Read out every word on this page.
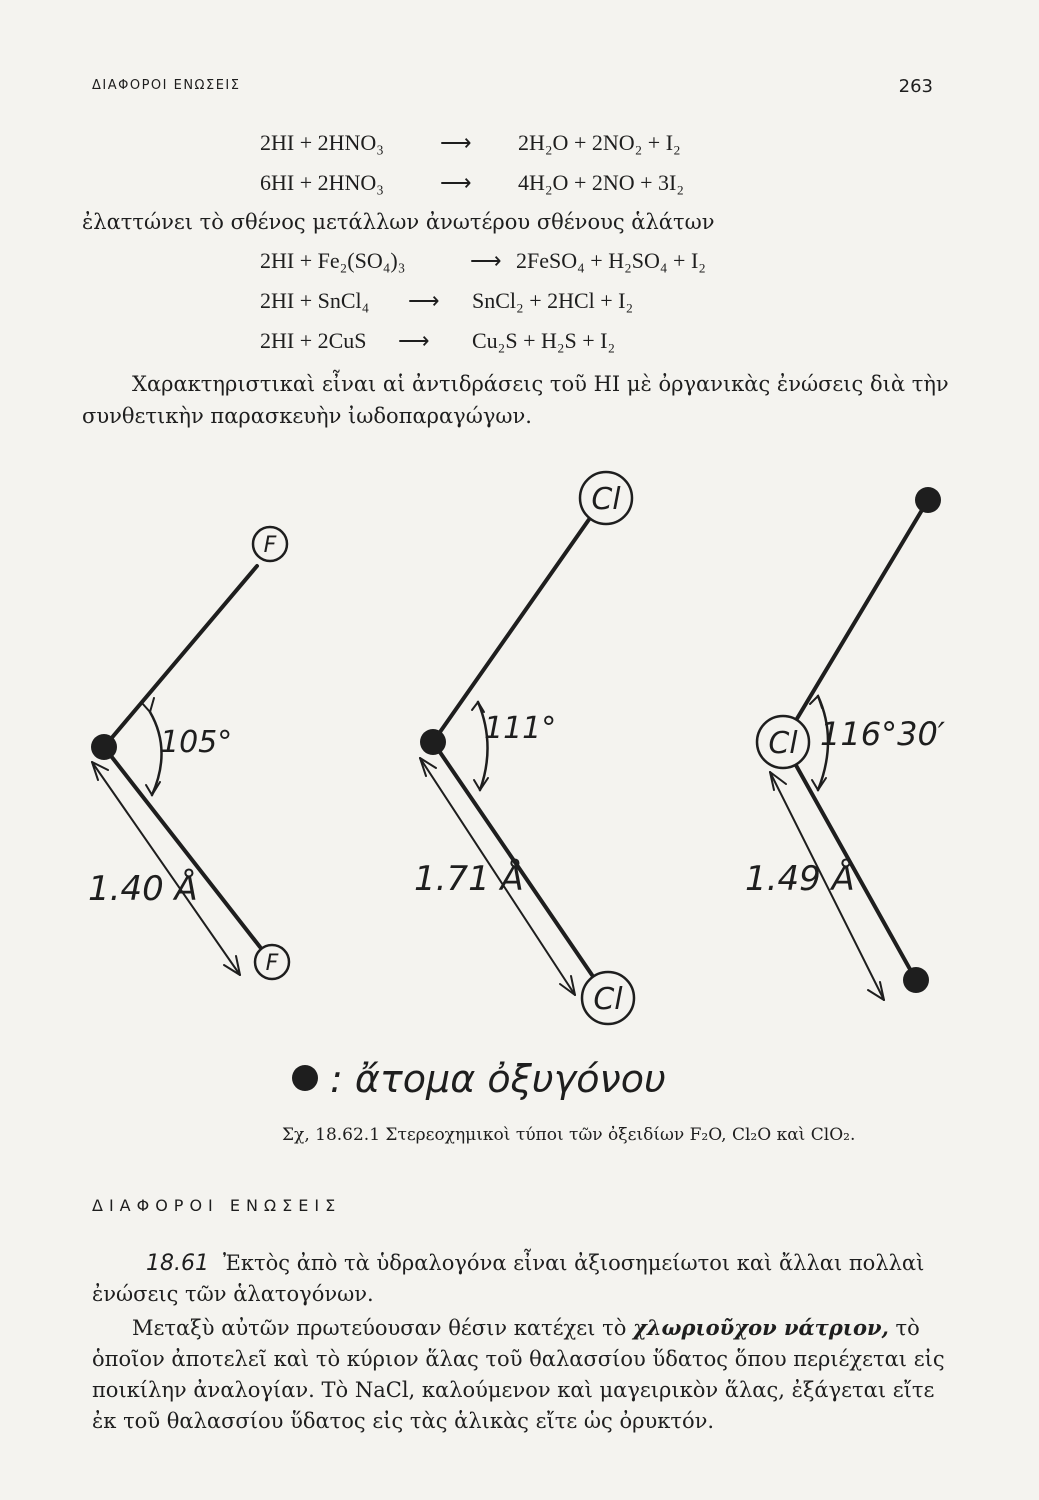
ΔΙΑΦΟΡΟΙ ΕΝΩΣΕΙΣ	263
2HI + 2HNO₃	⟶ 2H₂O + 2NO₂ + I₂
6HI + 2HNO₃	⟶ 4H₂O + 2NO + 3I₂
ἐλαττώνει τὸ σθένος μετάλλων ἀνωτέρου σθένους ἁλάτων
2HI + Fe₂(SO₄)₃	⟶ 2FeSO₄ + H₂SO₄ + I₂
2HI + SnCl₄ ⟶ SnCl₂ + 2HCl + I₂
2HI + 2CuS ⟶ Cu₂S + H₂S + I₂
Χαρακτηριστικαὶ εἶναι αἱ ἀντιδράσεις τοῦ HI μὲ ὀργανικὰς ἐνώσεις διὰ τὴν
συνθετικὴν παρασκευὴν ἰωδοπαραγώγων.
F
F
Cl
Cl
Cl
105°	111°	116°30′
1.40 Å	1.71 Å	1.49 Å
: ἄτομα ὀξυγόνου
Σχ, 18.62.1 Στερεοχημικοὶ τύποι τῶν ὀξειδίων F₂O, Cl₂O καὶ ClO₂.
ΔΙΑΦΟΡΟΙ ΕΝΩΣΕΙΣ
18.61 Ἐκτὸς ἀπὸ τὰ ὑδραλογόνα εἶναι ἀξιοσημείωτοι καὶ ἄλλαι πολλαὶ
ἐνώσεις τῶν ἁλατογόνων.
Μεταξὺ αὐτῶν πρωτεύουσαν θέσιν κατέχει τὸ χλωριοῦχον νάτριον, τὸ
ὁποῖον ἀποτελεῖ καὶ τὸ κύριον ἅλας τοῦ θαλασσίου ὕδατος ὅπου περιέχεται εἰς
ποικίλην ἀναλογίαν. Τὸ NaCl, καλούμενον καὶ μαγειρικὸν ἅλας, ἐξάγεται εἴτε
ἐκ τοῦ θαλασσίου ὕδατος εἰς τὰς ἁλικὰς εἴτε ὡς ὀρυκτόν.
